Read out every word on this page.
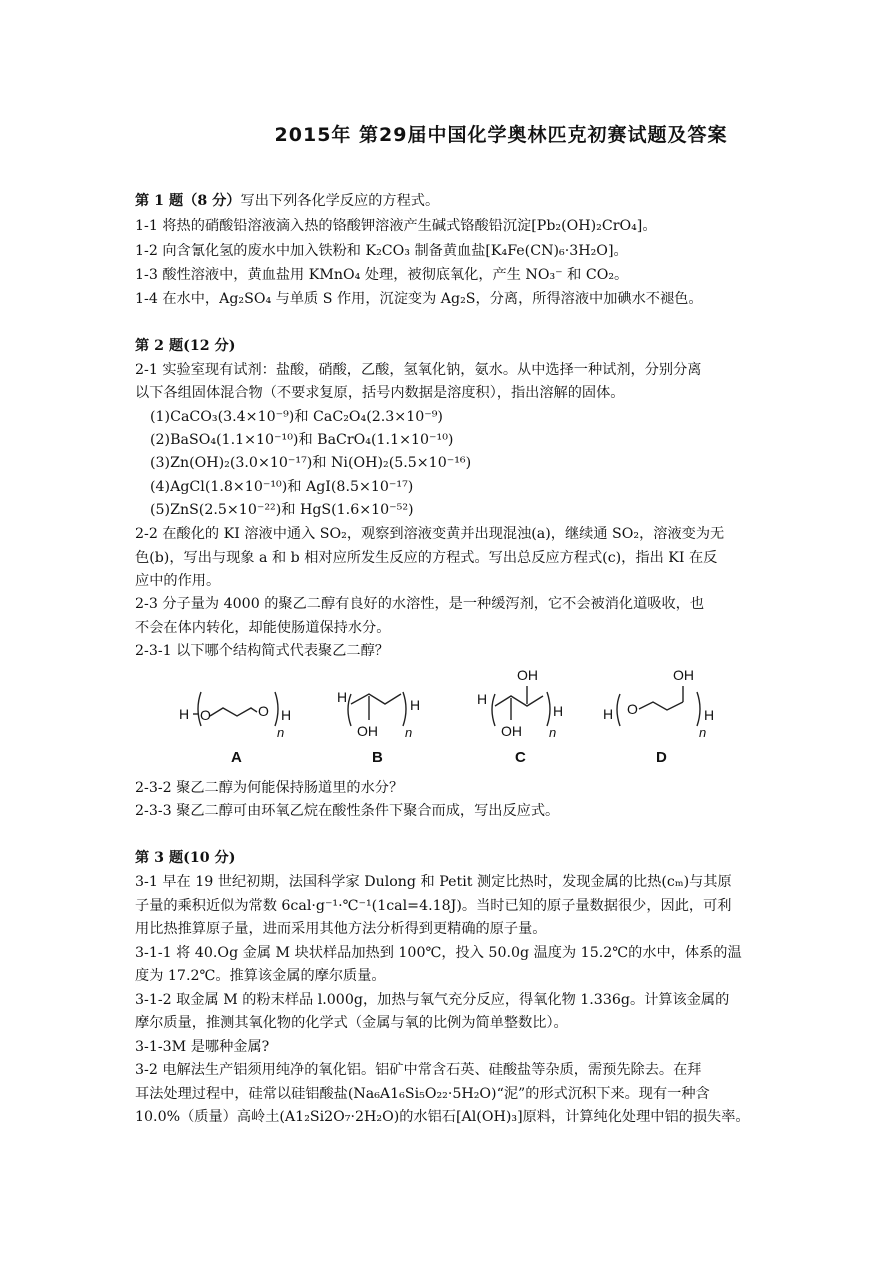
2015年 第29届中国化学奥林匹克初赛试题及答案
第 1 题（8 分）写出下列各化学反应的方程式。
1-1 将热的硝酸铅溶液滴入热的铬酸钾溶液产生碱式铬酸铅沉淀[Pb₂(OH)₂CrO₄]。
1-2 向含氰化氢的废水中加入铁粉和 K₂CO₃ 制备黄血盐[K₄Fe(CN)₆·3H₂O]。
1-3 酸性溶液中，黄血盐用 KMnO₄ 处理，被彻底氧化，产生 NO₃⁻ 和 CO₂。
1-4 在水中，Ag₂SO₄ 与单质 S 作用，沉淀变为 Ag₂S，分离，所得溶液中加碘水不褪色。
第 2 题(12 分)
2-1 实验室现有试剂：盐酸，硝酸，乙酸，氢氧化钠，氨水。从中选择一种试剂，分别分离
以下各组固体混合物（不要求复原，括号内数据是溶度积），指出溶解的固体。
(1)CaCO₃(3.4×10⁻⁹)和 CaC₂O₄(2.3×10⁻⁹)
(2)BaSO₄(1.1×10⁻¹⁰)和 BaCrO₄(1.1×10⁻¹⁰)
(3)Zn(OH)₂(3.0×10⁻¹⁷)和 Ni(OH)₂(5.5×10⁻¹⁶)
(4)AgCl(1.8×10⁻¹⁰)和 AgI(8.5×10⁻¹⁷)
(5)ZnS(2.5×10⁻²²)和 HgS(1.6×10⁻⁵²)
2-2 在酸化的 KI 溶液中通入 SO₂，观察到溶液变黄并出现混浊(a)，继续通 SO₂，溶液变为无
色(b)，写出与现象 a 和 b 相对应所发生反应的方程式。写出总反应方程式(c)，指出 KI 在反
应中的作用。
2-3 分子量为 4000 的聚乙二醇有良好的水溶性，是一种缓泻剂，它不会被消化道吸收，也
不会在体内转化，却能使肠道保持水分。
2-3-1 以下哪个结构简式代表聚乙二醇？
H O	O H
n
A
H
OH
H
n
B
H
OH
OH
H
n
C
H O
OH
H
n
D
2-3-2 聚乙二醇为何能保持肠道里的水分？
2-3-3 聚乙二醇可由环氧乙烷在酸性条件下聚合而成，写出反应式。
第 3 题(10 分)
3-1 早在 19 世纪初期，法国科学家 Dulong 和 Petit 测定比热时，发现金属的比热(cₘ)与其原
子量的乘积近似为常数 6cal·g⁻¹·℃⁻¹(1cal=4.18J)。当时已知的原子量数据很少，因此，可利
用比热推算原子量，进而采用其他方法分析得到更精确的原子量。
3-1-1 将 40.Og 金属 M 块状样品加热到 100℃，投入 50.0g 温度为 15.2℃的水中，体系的温
度为 17.2℃。推算该金属的摩尔质量。
3-1-2 取金属 M 的粉末样品 l.000g，加热与氧气充分反应，得氧化物 1.336g。计算该金属的
摩尔质量，推测其氧化物的化学式（金属与氧的比例为简单整数比）。
3-1-3M 是哪种金属?
3-2 电解法生产铝须用纯净的氧化铝。铝矿中常含石英、硅酸盐等杂质，需预先除去。在拜
耳法处理过程中，硅常以硅铝酸盐(Na₆A1₆Si₅O₂₂·5H₂O)“泥”的形式沉积下来。现有一种含
10.0%（质量）高岭土(A1₂Si2O₇·2H₂O)的水铝石[Al(OH)₃]原料，计算纯化处理中铝的损失率。
